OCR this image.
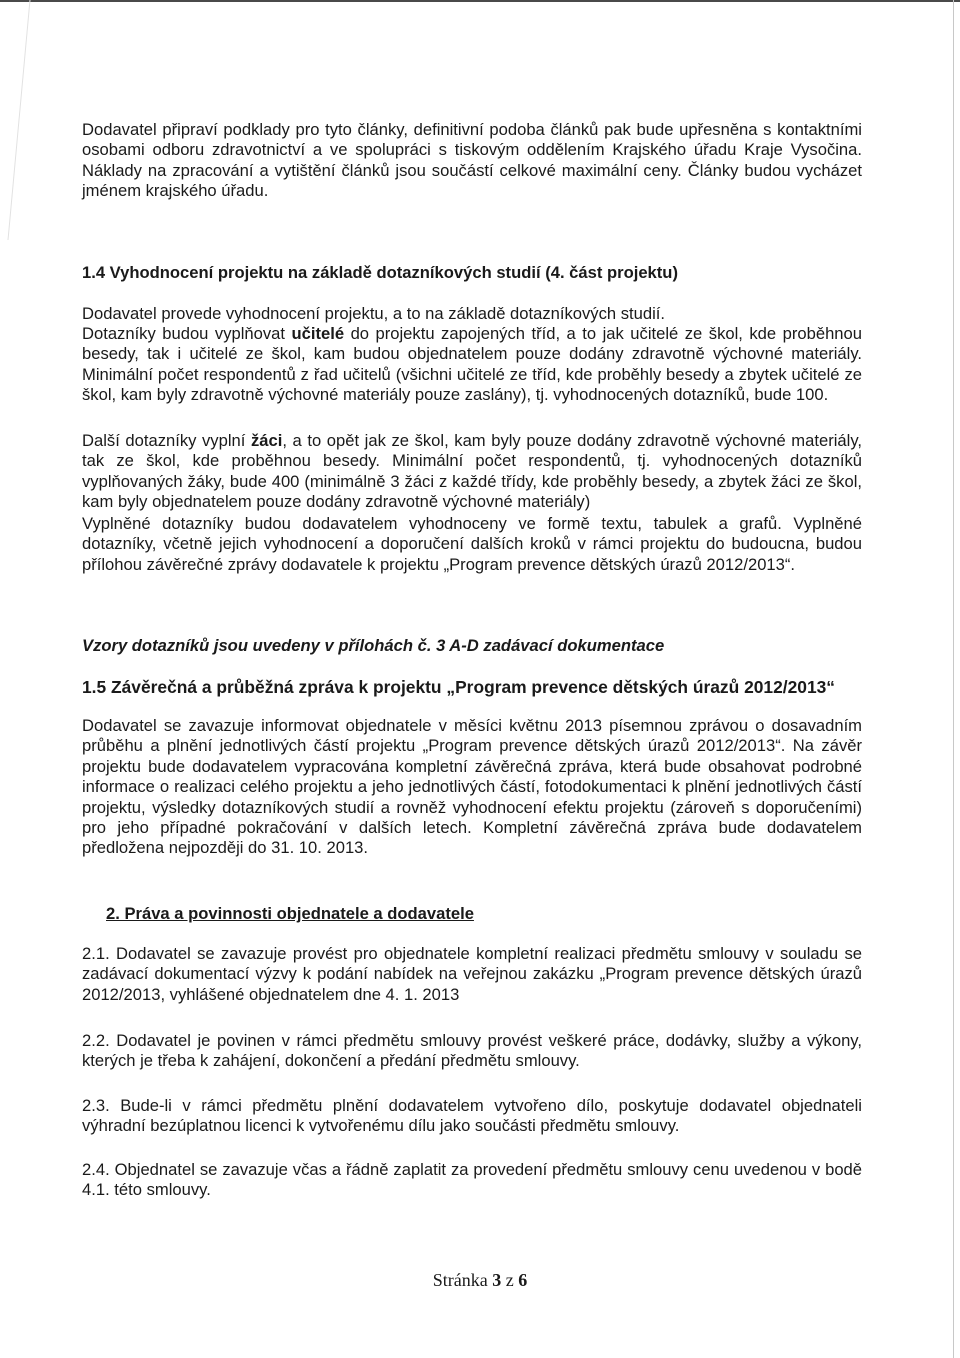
Dodavatel připraví podklady pro tyto články, definitivní podoba článků pak bude upřesněna s kontaktními osobami odboru zdravotnictví a ve spolupráci s tiskovým oddělením Krajského úřadu Kraje Vysočina. Náklady na zpracování a vytištění článků jsou součástí celkové maximální ceny. Články budou vycházet jménem krajského úřadu.

1.4 Vyhodnocení projektu na základě dotazníkových studií (4. část projektu)

Dodavatel provede vyhodnocení projektu, a to na základě dotazníkových studií.

Dotazníky budou vyplňovat učitelé do projektu zapojených tříd, a to jak učitelé ze škol, kde proběhnou besedy, tak i učitelé ze škol, kam budou objednatelem pouze dodány zdravotně výchovné materiály. Minimální počet respondentů z řad učitelů (všichni učitelé ze tříd, kde proběhly besedy a zbytek učitelé ze škol, kam byly zdravotně výchovné materiály pouze zaslány), tj. vyhodnocených dotazníků, bude 100.

Další dotazníky vyplní žáci, a to opět jak ze škol, kam byly pouze dodány zdravotně výchovné materiály, tak ze škol, kde proběhnou besedy. Minimální počet respondentů, tj. vyhodnocených dotazníků vyplňovaných žáky, bude 400 (minimálně 3 žáci z každé třídy, kde proběhly besedy, a zbytek žáci ze škol, kam byly objednatelem pouze dodány zdravotně výchovné materiály)

Vyplněné dotazníky budou dodavatelem vyhodnoceny ve formě textu, tabulek a grafů. Vyplněné dotazníky, včetně jejich vyhodnocení a doporučení dalších kroků v rámci projektu do budoucna, budou přílohou závěrečné zprávy dodavatele k projektu „Program prevence dětských úrazů 2012/2013“.

Vzory dotazníků jsou uvedeny v přílohách č. 3 A-D zadávací dokumentace

1.5 Závěrečná a průběžná zpráva k projektu „Program prevence dětských úrazů 2012/2013“

Dodavatel se zavazuje informovat objednatele v měsíci květnu 2013 písemnou zprávou o dosavadním průběhu a plnění jednotlivých částí projektu „Program prevence dětských úrazů 2012/2013“. Na závěr projektu bude dodavatelem vypracována kompletní závěrečná zpráva, která bude obsahovat podrobné informace o realizaci celého projektu a jeho jednotlivých částí, fotodokumentaci k plnění jednotlivých částí projektu, výsledky dotazníkových studií a rovněž vyhodnocení efektu projektu (zároveň s doporučeními) pro jeho případné pokračování v dalších letech. Kompletní závěrečná zpráva bude dodavatelem předložena nejpozději do 31. 10. 2013.

2. Práva a povinnosti objednatele a dodavatele

2.1. Dodavatel se zavazuje provést pro objednatele kompletní realizaci předmětu smlouvy v souladu se zadávací dokumentací výzvy k podání nabídek na veřejnou zakázku „Program prevence dětských úrazů 2012/2013, vyhlášené objednatelem dne 4. 1. 2013

2.2. Dodavatel je povinen v rámci předmětu smlouvy provést veškeré práce, dodávky, služby a výkony, kterých je třeba k zahájení, dokončení a předání předmětu smlouvy.

2.3. Bude-li v rámci předmětu plnění dodavatelem vytvořeno dílo, poskytuje dodavatel objednateli výhradní bezúplatnou licenci k vytvořenému dílu jako součásti předmětu smlouvy.

2.4. Objednatel se zavazuje včas a řádně zaplatit za provedení předmětu smlouvy cenu uvedenou v bodě 4.1. této smlouvy.

Stránka 3 z 6
